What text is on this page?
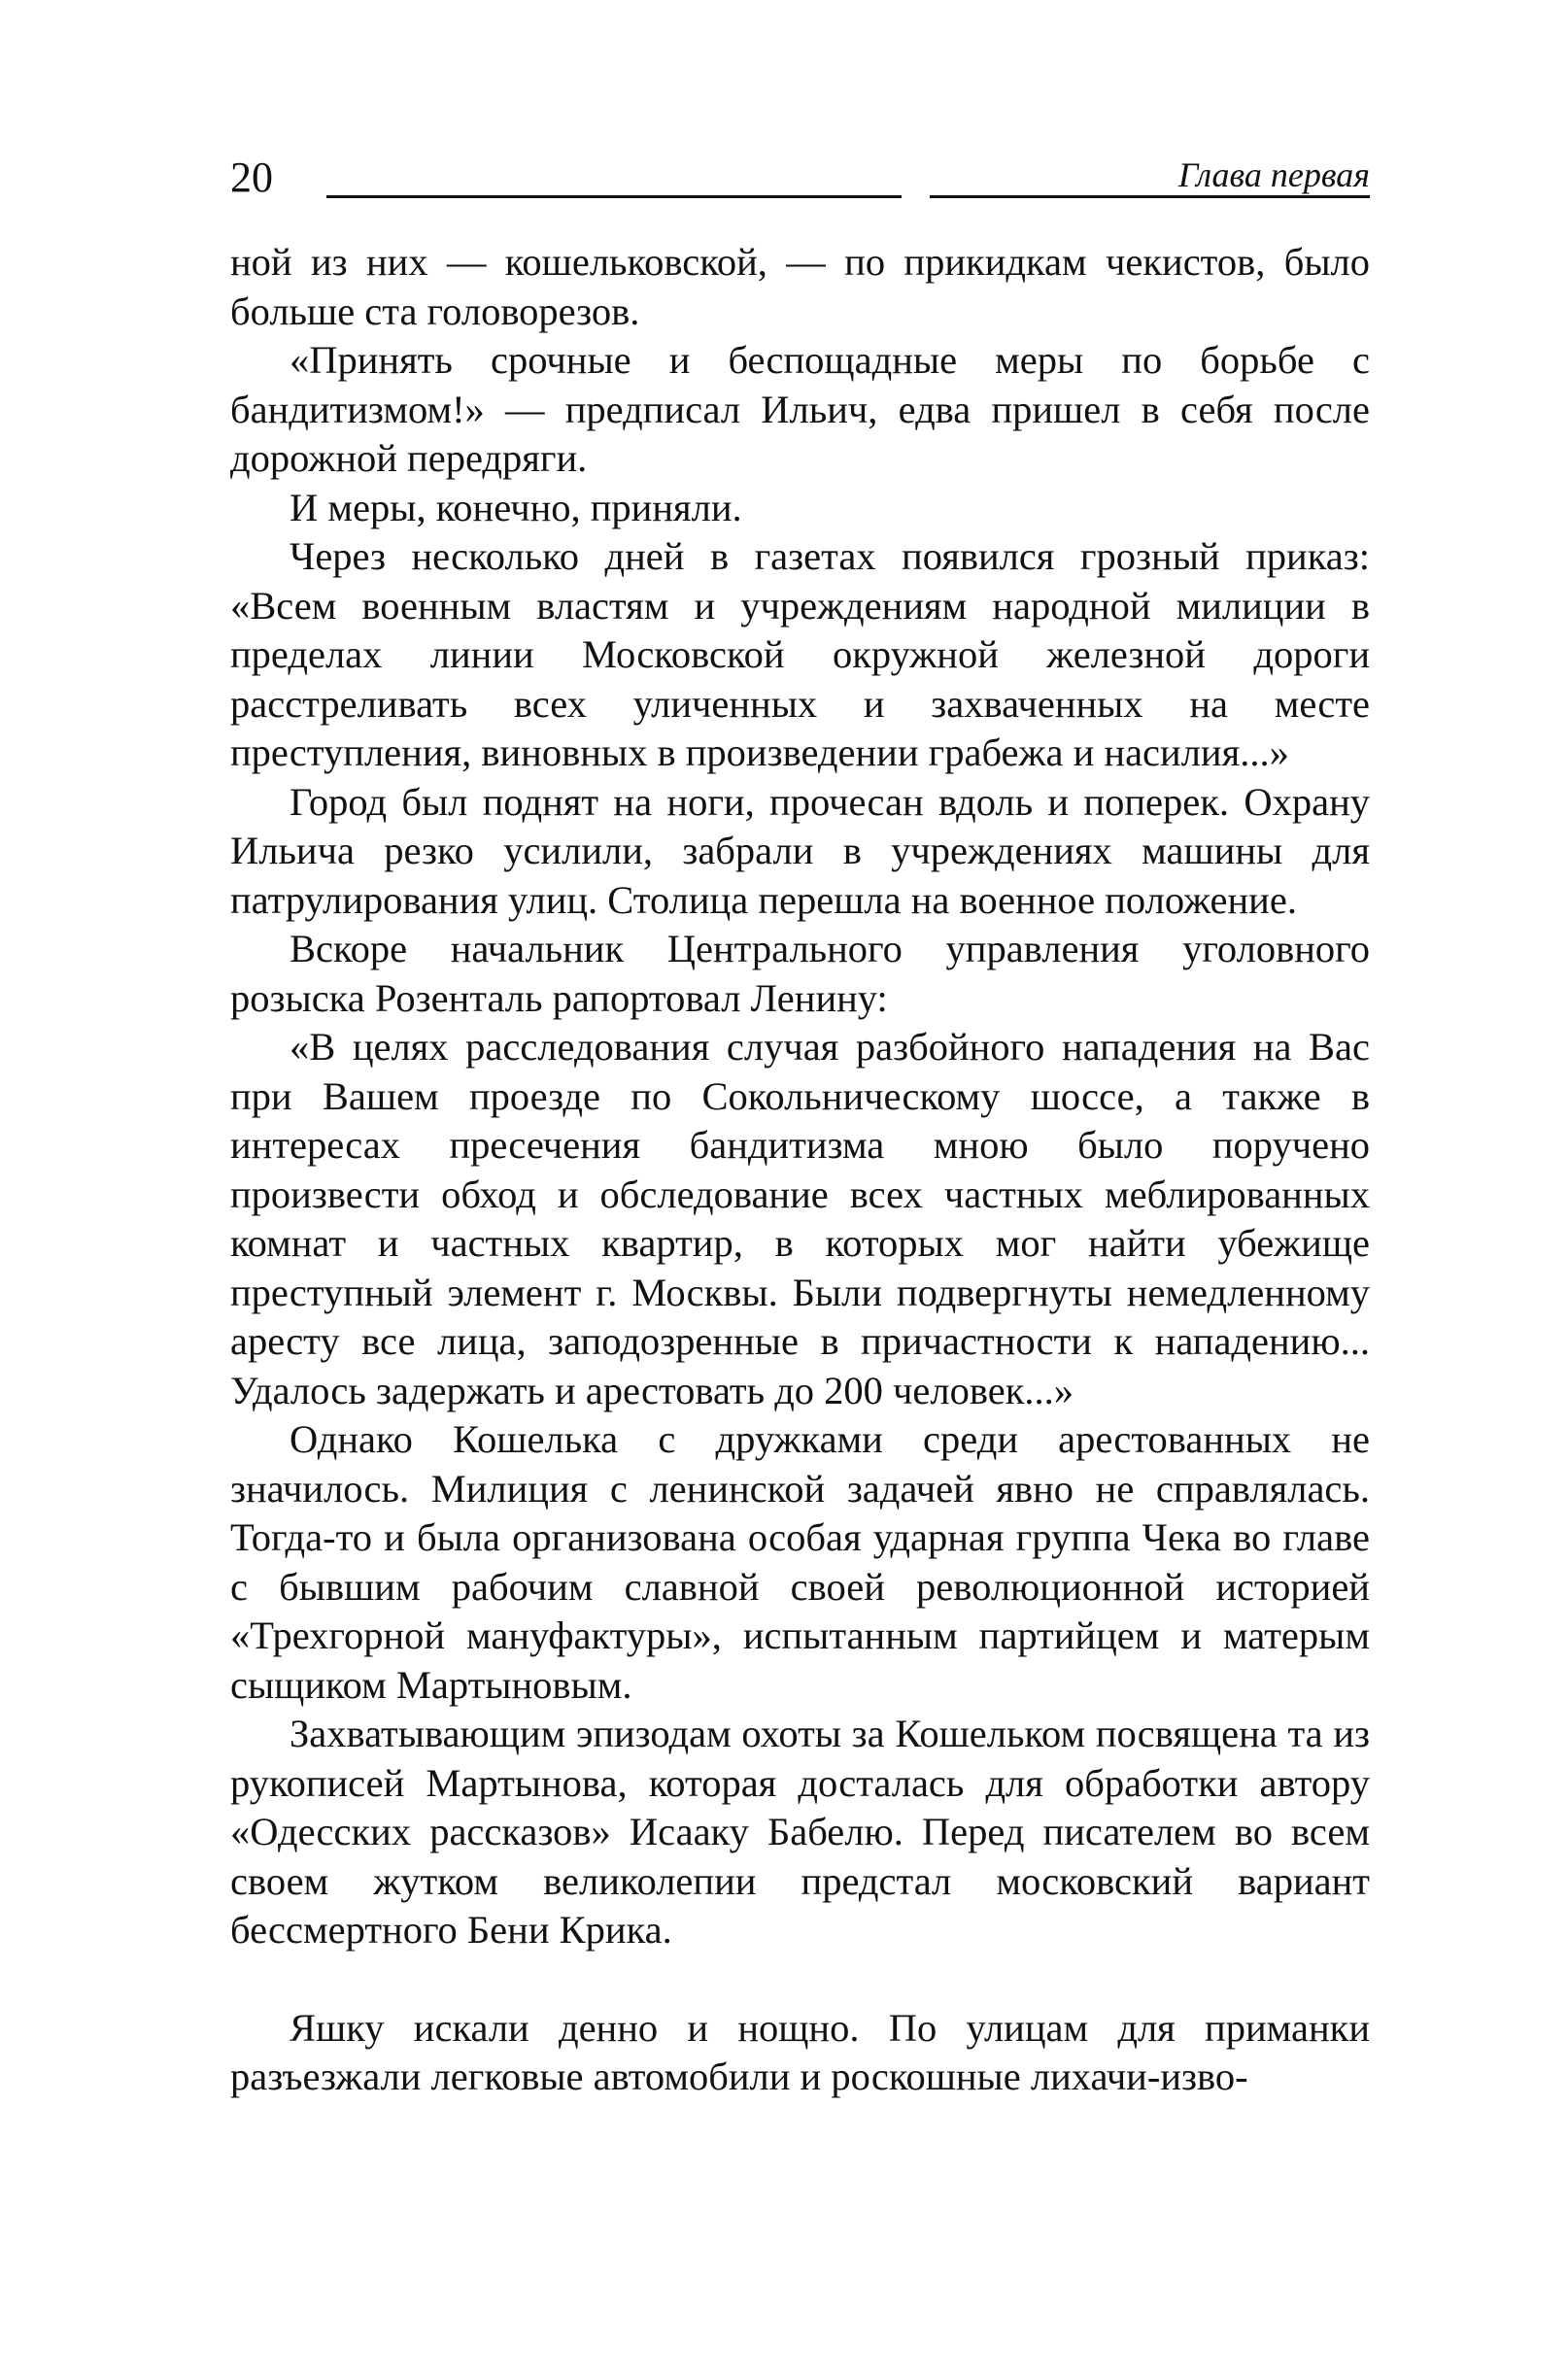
20	Глава первая

ной из них — кошельковской, — по прикидкам чекистов, было больше ста головорезов.

«Принять срочные и беспощадные меры по борьбе с бандитизмом!» — предписал Ильич, едва пришел в себя после дорожной передряги.

И меры, конечно, приняли.

Через несколько дней в газетах появился грозный приказ: «Всем военным властям и учреждениям народной милиции в пределах линии Московской окружной железной дороги расстреливать всех уличенных и захваченных на месте преступления, виновных в произведении грабежа и насилия...»

Город был поднят на ноги, прочесан вдоль и поперек. Охрану Ильича резко усилили, забрали в учреждениях машины для патрулирования улиц. Столица перешла на военное положение.

Вскоре начальник Центрального управления уголовного розыска Розенталь рапортовал Ленину:

«В целях расследования случая разбойного нападения на Вас при Вашем проезде по Сокольническому шоссе, а также в интересах пресечения бандитизма мною было поручено произвести обход и обследование всех частных меблированных комнат и частных квартир, в которых мог найти убежище преступный элемент г. Москвы. Были подвергнуты немедленному аресту все лица, заподозренные в причастности к нападению... Удалось задержать и арестовать до 200 человек...»

Однако Кошелька с дружками среди арестованных не значилось. Милиция с ленинской задачей явно не справлялась. Тогда-то и была организована особая ударная группа Чека во главе с бывшим рабочим славной своей революционной историей «Трехгорной мануфактуры», испытанным партийцем и матерым сыщиком Мартыновым.

Захватывающим эпизодам охоты за Кошельком посвящена та из рукописей Мартынова, которая досталась для обработки автору «Одесских рассказов» Исааку Бабелю. Перед писателем во всем своем жутком великолепии предстал московский вариант бессмертного Бени Крика.

Яшку искали денно и нощно. По улицам для приманки разъезжали легковые автомобили и роскошные лихачи-изво-
